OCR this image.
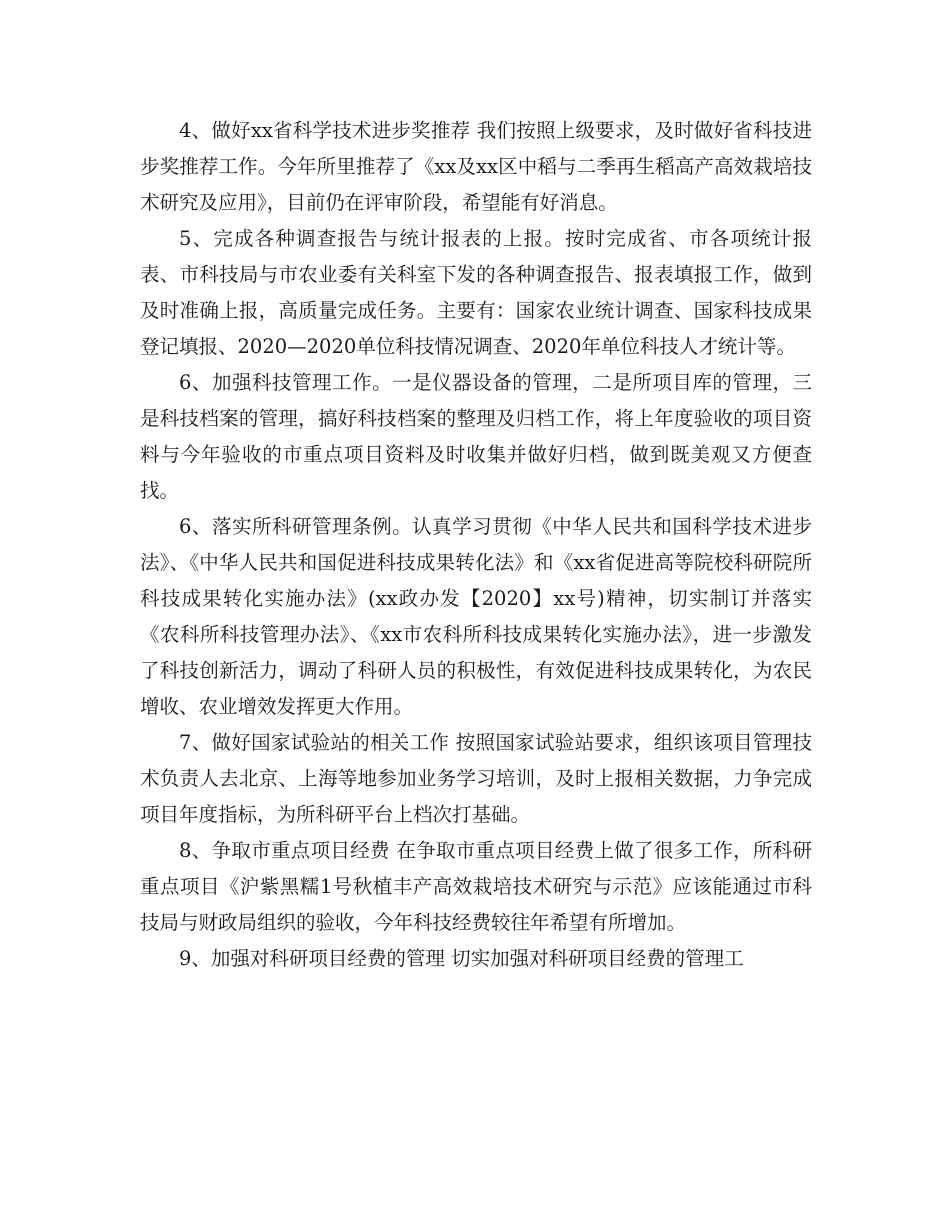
4、做好xx省科学技术进步奖推荐 我们按照上级要求，及时做好省科技进步奖推荐工作。今年所里推荐了《xx及xx区中稻与二季再生稻高产高效栽培技术研究及应用》，目前仍在评审阶段，希望能有好消息。

5、完成各种调查报告与统计报表的上报。按时完成省、市各项统计报表、市科技局与市农业委有关科室下发的各种调查报告、报表填报工作，做到及时准确上报，高质量完成任务。主要有：国家农业统计调查、国家科技成果登记填报、2020—2020单位科技情况调查、2020年单位科技人才统计等。

6、加强科技管理工作。一是仪器设备的管理，二是所项目库的管理，三是科技档案的管理，搞好科技档案的整理及归档工作，将上年度验收的项目资料与今年验收的市重点项目资料及时收集并做好归档，做到既美观又方便查找。

6、落实所科研管理条例。认真学习贯彻《中华人民共和国科学技术进步法》、《中华人民共和国促进科技成果转化法》和《xx省促进高等院校科研院所科技成果转化实施办法》(xx政办发【2020】xx号)精神，切实制订并落实《农科所科技管理办法》、《xx市农科所科技成果转化实施办法》，进一步激发了科技创新活力，调动了科研人员的积极性，有效促进科技成果转化，为农民增收、农业增效发挥更大作用。

7、做好国家试验站的相关工作 按照国家试验站要求，组织该项目管理技术负责人去北京、上海等地参加业务学习培训，及时上报相关数据，力争完成项目年度指标，为所科研平台上档次打基础。

8、争取市重点项目经费 在争取市重点项目经费上做了很多工作，所科研重点项目《沪紫黑糯1号秋植丰产高效栽培技术研究与示范》应该能通过市科技局与财政局组织的验收，今年科技经费较往年希望有所增加。

9、加强对科研项目经费的管理 切实加强对科研项目经费的管理工
